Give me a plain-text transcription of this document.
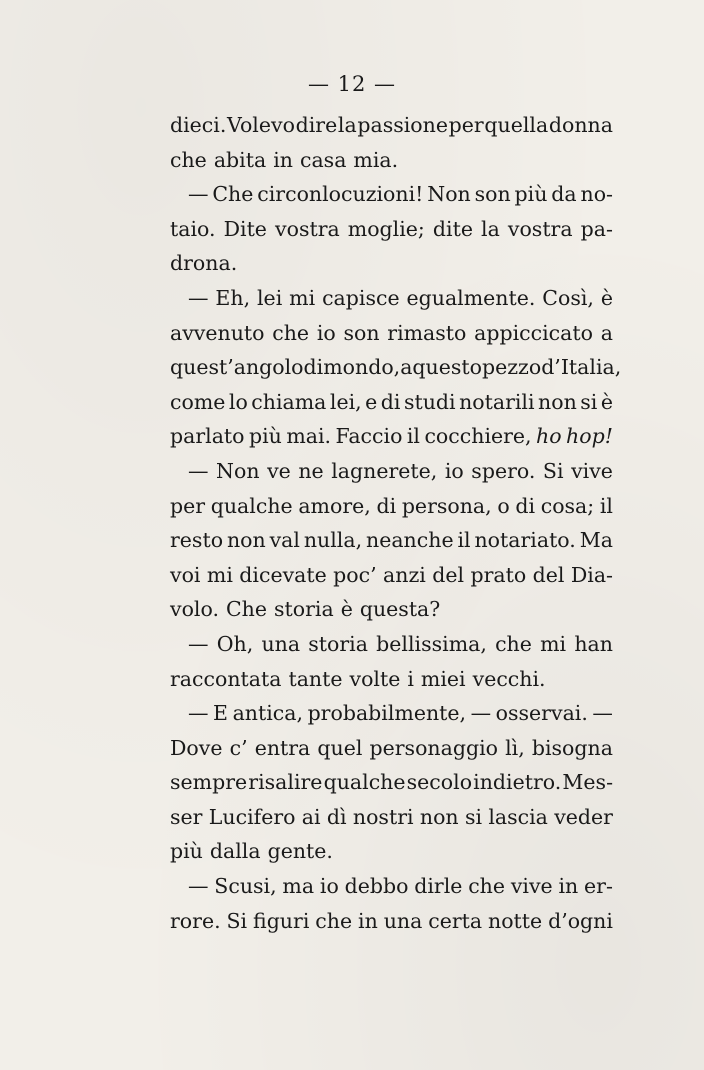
— 12 —
dieci. Volevo dire la passione per quella donna
che abita in casa mia.
— Che circonlocuzioni! Non son più da no-
taio. Dite vostra moglie; dite la vostra pa-
drona.
— Eh, lei mi capisce egualmente. Così, è
avvenuto che io son rimasto appiccicato a
quest’angolo di mondo, a questo pezzo d’Italia,
come lo chiama lei, e di studi notarili non si è
parlato più mai. Faccio il cocchiere, ho hop!
— Non ve ne lagnerete, io spero. Si vive
per qualche amore, di persona, o di cosa; il
resto non val nulla, neanche il notariato. Ma
voi mi dicevate poc’ anzi del prato del Dia-
volo. Che storia è questa?
— Oh, una storia bellissima, che mi han
raccontata tante volte i miei vecchi.
— E antica, probabilmente, — osservai. —
Dove c’ entra quel personaggio lì, bisogna
sempre risalire qualche secolo indietro. Mes-
ser Lucifero ai dì nostri non si lascia veder
più dalla gente.
— Scusi, ma io debbo dirle che vive in er-
rore. Si figuri che in una certa notte d’ogni
